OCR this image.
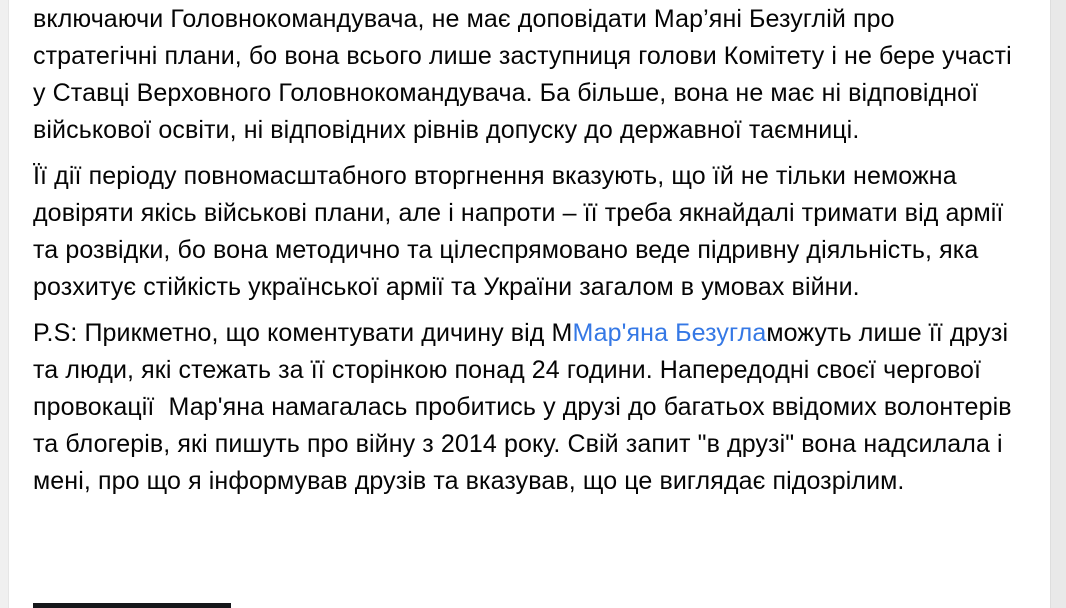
включаючи Головнокомандувача, не має доповідати Мар’яні Безуглій про стратегічні плани, бо вона всього лише заступниця голови Комітету і не бере участі у Ставці Верховного Головнокомандувача. Ба більше, вона не має ні відповідної військової освіти, ні відповідних рівнів допуску до державної таємниці.

Її дії періоду повномасштабного вторгнення вказують, що їй не тільки неможна довіряти якісь військові плани, але і напроти – її треба якнайдалі тримати від армії та розвідки, бо вона методично та цілеспрямовано веде підривну діяльність, яка розхитує стійкість української армії та України загалом в умовах війни.

P.S: Прикметно, що коментувати дичину від ММар'яна Безугламожуть лише її друзі та люди, які стежать за її сторінкою понад 24 години. Напередодні своєї чергової провокації  Мар'яна намагалась пробитись у друзі до багатьох ввідомих волонтерів та блогерів, які пишуть про війну з 2014 року. Свій запит "в друзі" вона надсилала і мені, про що я інформував друзів та вказував, що це виглядає підозрілим.
